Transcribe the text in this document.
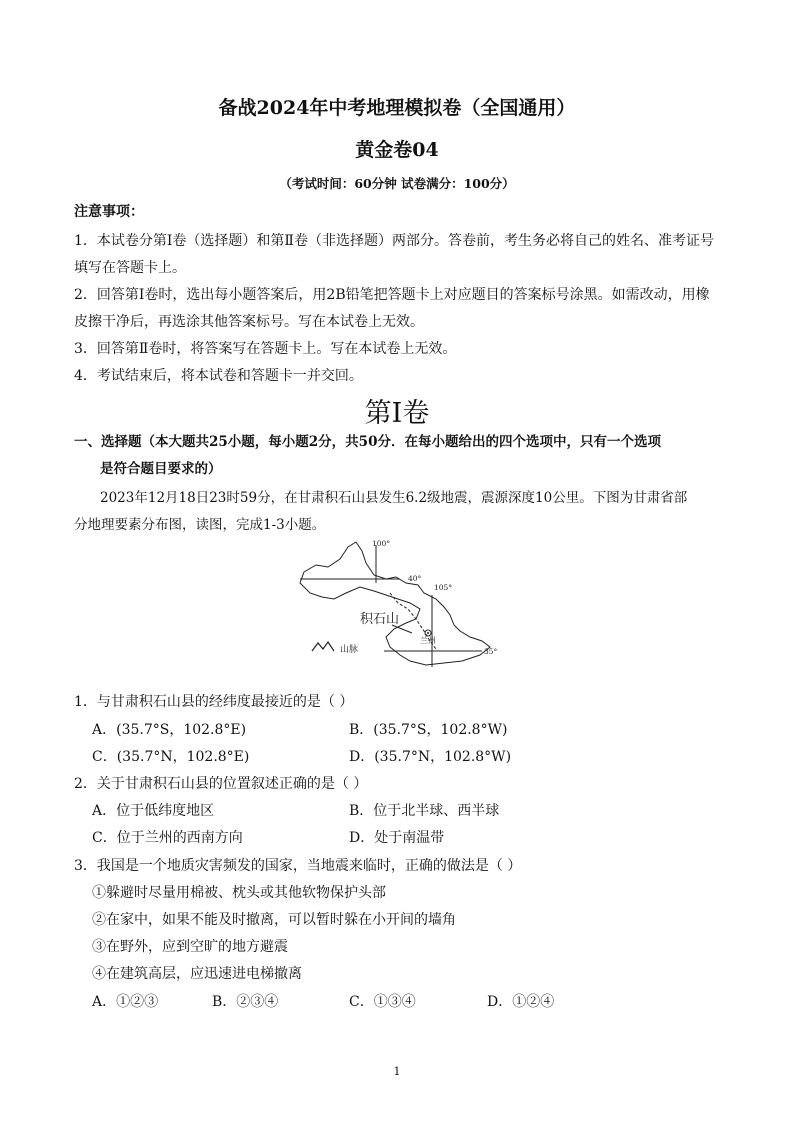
备战2024年中考地理模拟卷（全国通用）
黄金卷04
（考试时间：60分钟 试卷满分：100分）
注意事项：
1．本试卷分第Ⅰ卷（选择题）和第Ⅱ卷（非选择题）两部分。答卷前，考生务必将自己的姓名、准考证号
填写在答题卡上。
2．回答第Ⅰ卷时，选出每小题答案后，用2B铅笔把答题卡上对应题目的答案标号涂黑。如需改动，用橡
皮擦干净后，再选涂其他答案标号。写在本试卷上无效。
3．回答第Ⅱ卷时，将答案写在答题卡上。写在本试卷上无效。
4．考试结束后，将本试卷和答题卡一并交回。
第Ⅰ卷
一、选择题（本大题共25小题，每小题2分，共50分．在每小题给出的四个选项中，只有一个选项
是符合题目要求的）
2023年12月18日23时59分，在甘肃积石山县发生6.2级地震，震源深度10公里。下图为甘肃省部
分地理要素分布图，读图，完成1-3小题。
100°
105°
40°
35°
积石山
兰州
山脉
1．与甘肃积石山县的经纬度最接近的是（ ）
A．(35.7°S，102.8°E)	B．(35.7°S，102.8°W)
C．(35.7°N，102.8°E)	D．(35.7°N，102.8°W)
2．关于甘肃积石山县的位置叙述正确的是（ ）
A．位于低纬度地区	B．位于北半球、西半球
C．位于兰州的西南方向	D．处于南温带
3．我国是一个地质灾害频发的国家，当地震来临时，正确的做法是（ ）
①躲避时尽量用棉被、枕头或其他软物保护头部
②在家中，如果不能及时撤离，可以暂时躲在小开间的墙角
③在野外，应到空旷的地方避震
④在建筑高层，应迅速进电梯撤离
A．①②③	B．②③④	C．①③④	D．①②④
1
